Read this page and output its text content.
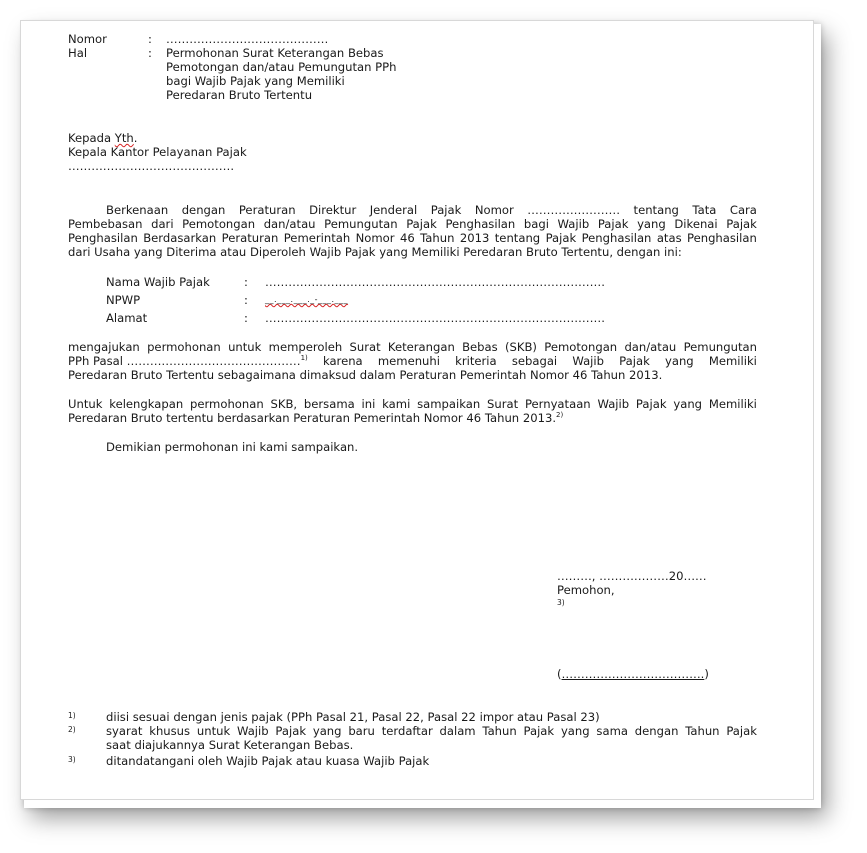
Nomor	: ……………………………………
Hal	: Permohonan Surat Keterangan Bebas
Pemotongan dan/atau Pemungutan PPh
bagi Wajib Pajak yang Memiliki
Peredaran Bruto Tertentu
Kepada Yth.
Kepala Kantor Pelayanan Pajak
…………………………………….
Berkenaan dengan Peraturan Direktur Jenderal Pajak Nomor …………………… tentang Tata Cara
Pembebasan dari Pemotongan dan/atau Pemungutan Pajak Penghasilan bagi Wajib Pajak yang Dikenai Pajak
Penghasilan Berdasarkan Peraturan Pemerintah Nomor 46 Tahun 2013 tentang Pajak Penghasilan atas Penghasilan
dari Usaha yang Diterima atau Diperoleh Wajib Pajak yang Memiliki Peredaran Bruto Tertentu, dengan ini:
Nama Wajib Pajak	: …………………………………………………………………………….
NPWP	: __.___.___._-___.___
Alamat	: …………………………………………………………………………….
mengajukan permohonan untuk memperoleh Surat Keterangan Bebas (SKB) Pemotongan dan/atau Pemungutan
PPh Pasal ………………………………………1) karena memenuhi kriteria sebagai Wajib Pajak yang Memiliki
Peredaran Bruto Tertentu sebagaimana dimaksud dalam Peraturan Pemerintah Nomor 46 Tahun 2013.
Untuk kelengkapan permohonan SKB, bersama ini kami sampaikan Surat Pernyataan Wajib Pajak yang Memiliki
Peredaran Bruto tertentu berdasarkan Peraturan Pemerintah Nomor 46 Tahun 2013.$^{2)}$
Demikian permohonan ini kami sampaikan.
………, ………………20……
Pemohon,
3)
(……………………………….)
1)	diisi sesuai dengan jenis pajak (PPh Pasal 21, Pasal 22, Pasal 22 impor atau Pasal 23)
2)	syarat khusus untuk Wajib Pajak yang baru terdaftar dalam Tahun Pajak yang sama dengan Tahun Pajak
saat diajukannya Surat Keterangan Bebas.
3)	ditandatangani oleh Wajib Pajak atau kuasa Wajib Pajak
